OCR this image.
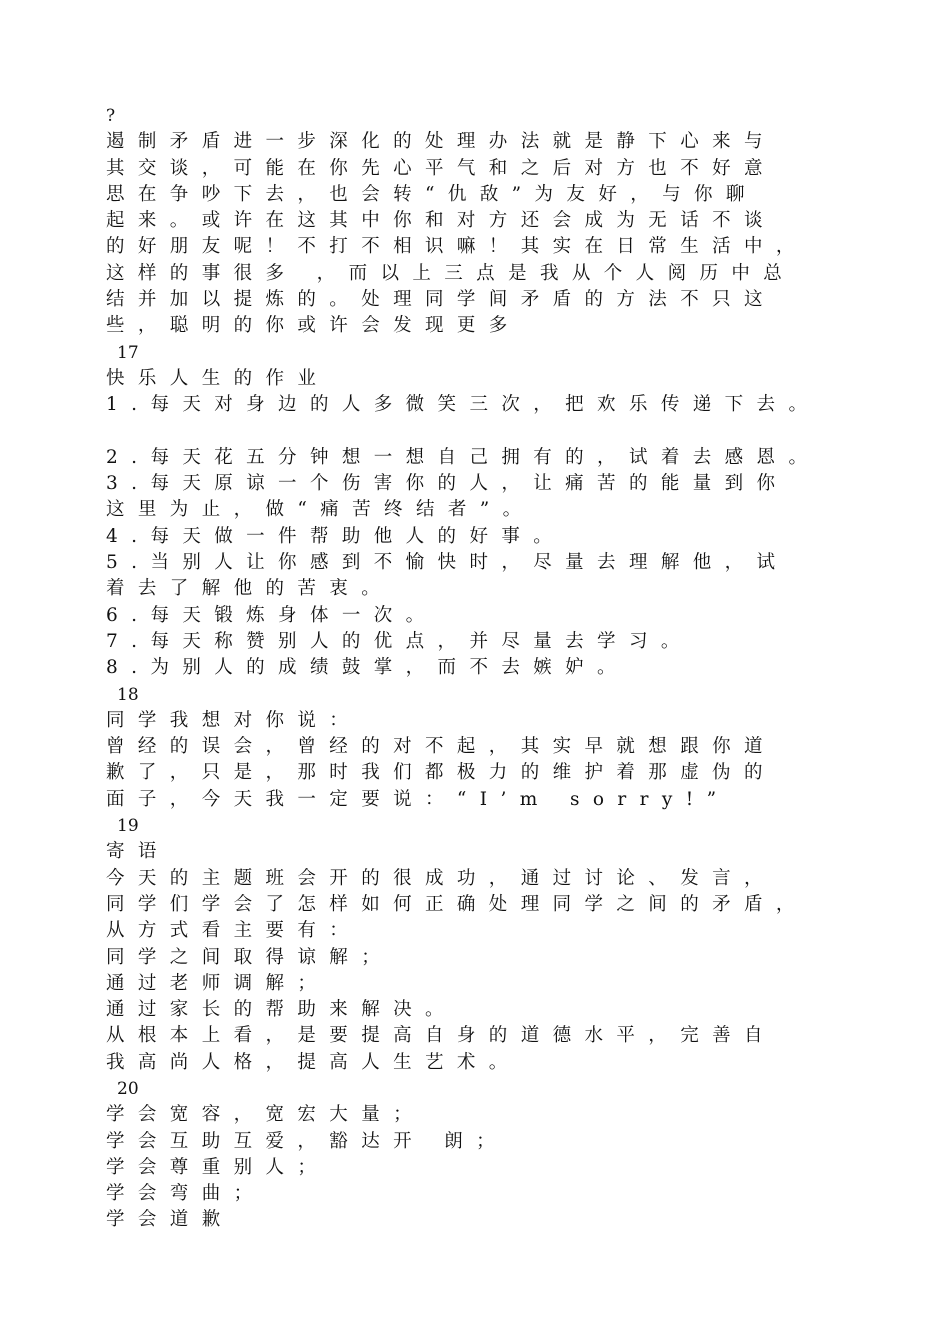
?
遏制矛盾进一步深化的处理办法就是静下心来与
其交谈，可能在你先心平气和之后对方也不好意
思在争吵下去，也会转“仇敌”为友好，与你聊
起来。或许在这其中你和对方还会成为无话不谈
的好朋友呢！不打不相识嘛！其实在日常生活中，
这样的事很多 ，而以上三点是我从个人阅历中总
结并加以提炼的。处理同学间矛盾的方法不只这
些，聪明的你或许会发现更多
17
快乐人生的作业
1.每天对身边的人多微笑三次，把欢乐传递下去。
2.每天花五分钟想一想自己拥有的，试着去感恩。
3.每天原谅一个伤害你的人，让痛苦的能量到你
这里为止，做“痛苦终结者”。
4.每天做一件帮助他人的好事。
5.当别人让你感到不愉快时，尽量去理解他，试
着去了解他的苦衷。
6.每天锻炼身体一次。
7.每天称赞别人的优点，并尽量去学习。
8.为别人的成绩鼓掌，而不去嫉妒。
18
同学我想对你说：
曾经的误会，曾经的对不起，其实早就想跟你道
歉了，只是，那时我们都极力的维护着那虚伪的
面子，今天我一定要说：“I’m sorry!”
19
寄语
今天的主题班会开的很成功，通过讨论、发言，
同学们学会了怎样如何正确处理同学之间的矛盾，
从方式看主要有：
同学之间取得谅解；
通过老师调解；
通过家长的帮助来解决。
从根本上看，是要提高自身的道德水平，完善自
我高尚人格，提高人生艺术。
20
学会宽容，宽宏大量；
学会互助互爱，豁达开 朗；
学会尊重别人；
学会弯曲；
学会道歉
